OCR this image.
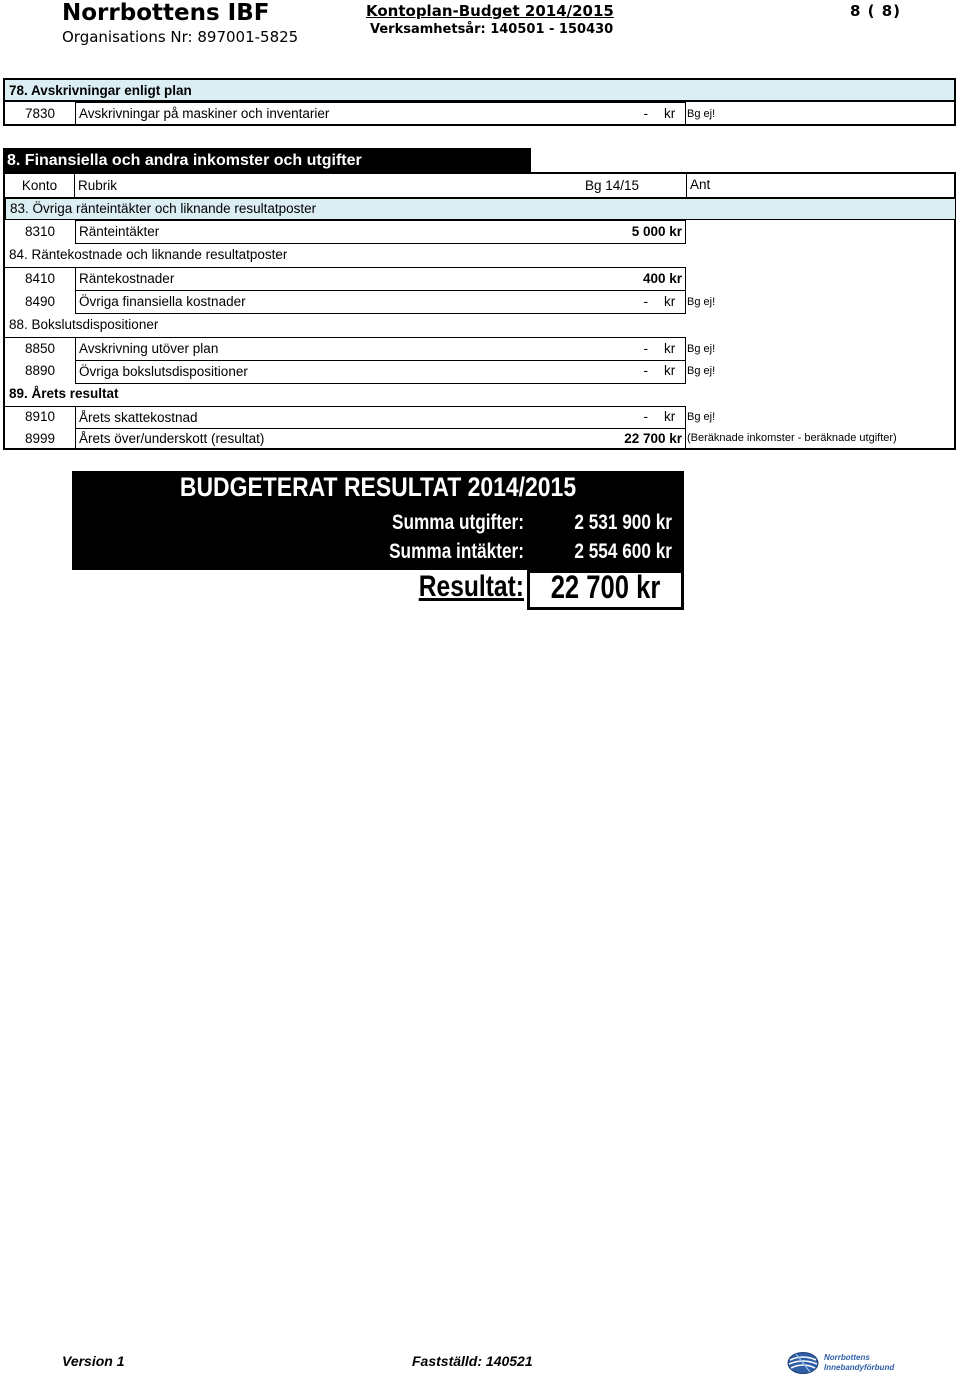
Norrbottens IBF
Organisations Nr: 897001-5825
Kontoplan-Budget 2014/2015
Verksamhetsår: 140501 - 150430
8 ( 8)
78. Avskrivningar enligt plan
7830	Avskrivningar på maskiner och inventarier	- kr	Bg ej!
8. Finansiella och andra inkomster och utgifter
Konto	Rubrik	Bg 14/15	Ant
83. Övriga ränteintäkter och liknande resultatposter
8310	Ränteintäkter	5 000 kr
84. Räntekostnade och liknande resultatposter
8410	Räntekostnader	400 kr
8490	Övriga finansiella kostnader	- kr	Bg ej!
88. Bokslutsdispositioner
8850	Avskrivning utöver plan	- kr	Bg ej!
8890	Övriga bokslutsdispositioner	- kr	Bg ej!
89. Årets resultat
8910	Årets skattekostnad	- kr	Bg ej!
8999	Årets över/underskott (resultat)	22 700 kr (Beräknade inkomster - beräknade utgifter)
BUDGETERAT RESULTAT 2014/2015
Summa utgifter:	2 531 900 kr
Summa intäkter:	2 554 600 kr
Resultat: 22 700 kr
Version 1	Fastställd: 140521	Norrbottens
Innebandyförbund
